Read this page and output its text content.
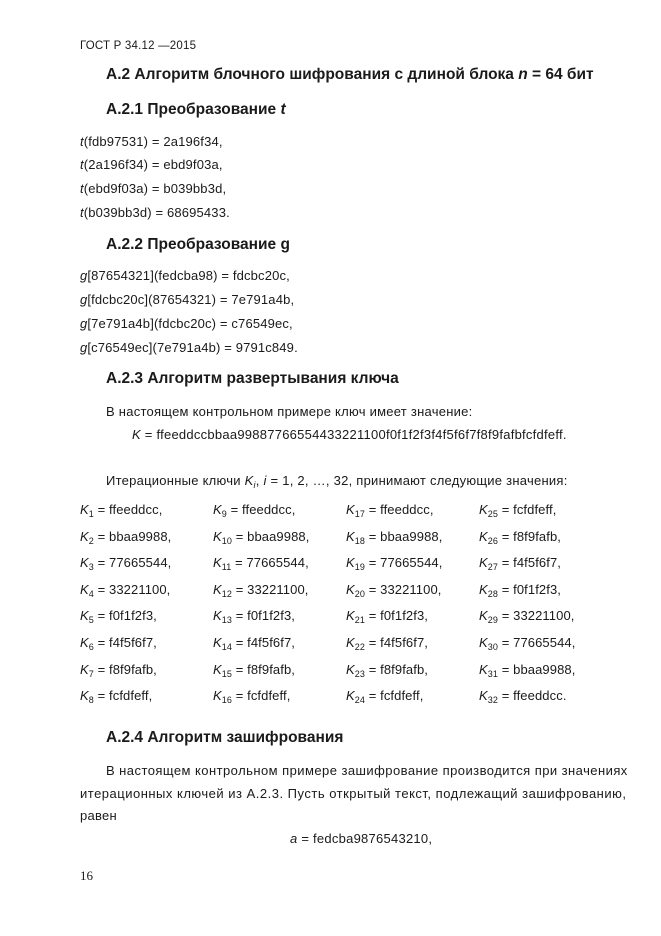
ГОСТ Р 34.12 —2015
А.2 Алгоритм блочного шифрования с длиной блока n = 64 бит
А.2.1 Преобразование t
t(fdb97531) = 2a196f34,
t(2a196f34) = ebd9f03a,
t(ebd9f03a) = b039bb3d,
t(b039bb3d) = 68695433.
А.2.2 Преобразование g
g[87654321](fedcba98) = fdcbc20c,
g[fdcbc20c](87654321) = 7e791a4b,
g[7e791a4b](fdcbc20c) = c76549ec,
g[c76549ec](7e791a4b) = 9791c849.
А.2.3 Алгоритм развертывания ключа
В настоящем контрольном примере ключ имеет значение:
K = ffeeddccbbaa99887766554433221100f0f1f2f3f4f5f6f7f8f9fafbfcfdfeff.
Итерационные ключи $K_i$, i = 1, 2, …, 32, принимают следующие значения:
$K_1$ = ffeeddcc,	$K_9$ = ffeeddcc,	$K_{17}$ = ffeeddcc,	$K_{25}$ = fcfdfeff,
$K_2$ = bbaa9988,	$K_{10}$ = bbaa9988,	$K_{18}$ = bbaa9988,	$K_{26}$ = f8f9fafb,
$K_3 = 77665544$,	$K_{11} = 77665544$,	$K_{19} = 77665544$,	$K_{27} = f4f5f6f7$,
$K_4 = 33221100$,	$K_{12} = 33221100$,	$K_{20} = 33221100$,	$K_{28} = f0f1f2f3$,
$K_5 = f0f1f2f3$,	$K_{13} = f0f1f2f3$,	$K_{21} = f0f1f2f3$,	$K_{29} = 33221100$,
$K_6 = f4f5f6f7$,	$K_{14} = f4f5f6f7$,	$K_{22} = f4f5f6f7$,	$K_{30} = 77665544$,
$K_7$ = f8f9fafb,	$K_{15}$ = f8f9fafb,	$K_{23}$ = f8f9fafb,	$K_{31}$ = bbaa9988,
$K_8$ = fcfdfeff,	$K_{16}$ = fcfdfeff,	$K_{24}$ = fcfdfeff,	$K_{32}$ = ffeeddcc.
А.2.4 Алгоритм зашифрования
В настоящем контрольном примере зашифрование производится при значениях
итерационных ключей из А.2.3. Пусть открытый текст, подлежащий зашифрованию,
равен
a = fedcba9876543210,
16
